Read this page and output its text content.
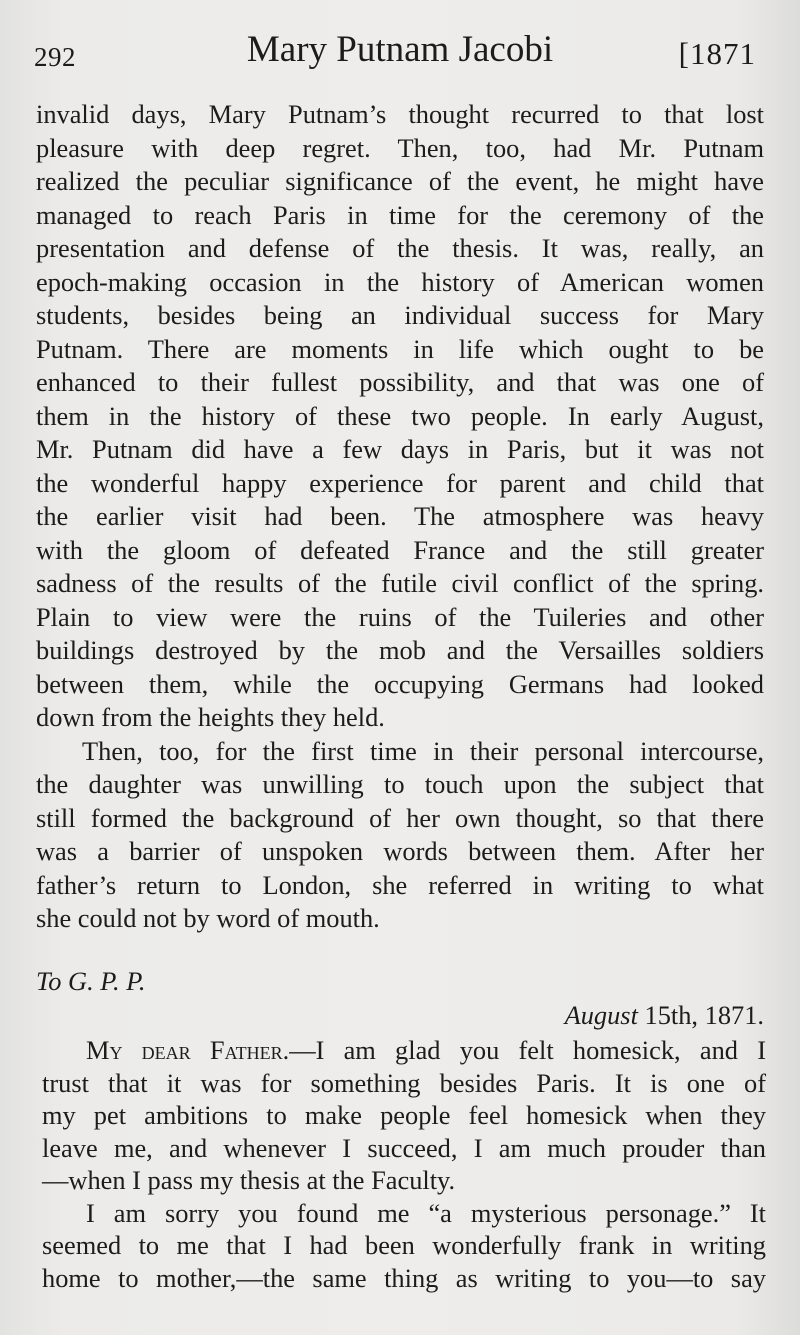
292	Mary Putnam Jacobi	[1871

invalid days, Mary Putnam’s thought recurred to that lost
pleasure with deep regret. Then, too, had Mr. Putnam
realized the peculiar significance of the event, he might have
managed to reach Paris in time for the ceremony of the
presentation and defense of the thesis. It was, really, an
epoch-making occasion in the history of American women
students, besides being an individual success for Mary
Putnam. There are moments in life which ought to be
enhanced to their fullest possibility, and that was one of
them in the history of these two people. In early August,
Mr. Putnam did have a few days in Paris, but it was not
the wonderful happy experience for parent and child that
the earlier visit had been. The atmosphere was heavy
with the gloom of defeated France and the still greater
sadness of the results of the futile civil conflict of the spring.
Plain to view were the ruins of the Tuileries and other
buildings destroyed by the mob and the Versailles soldiers
between them, while the occupying Germans had looked
down from the heights they held.

Then, too, for the first time in their personal intercourse,
the daughter was unwilling to touch upon the subject that
still formed the background of her own thought, so that there
was a barrier of unspoken words between them. After her
father’s return to London, she referred in writing to what
she could not by word of mouth.

To G. P. P.
August 15th, 1871.

My dear Father.—I am glad you felt homesick, and I
trust that it was for something besides Paris. It is one of
my pet ambitions to make people feel homesick when they
leave me, and whenever I succeed, I am much prouder than
—when I pass my thesis at the Faculty.

I am sorry you found me “a mysterious personage.” It
seemed to me that I had been wonderfully frank in writing
home to mother,—the same thing as writing to you—to say
